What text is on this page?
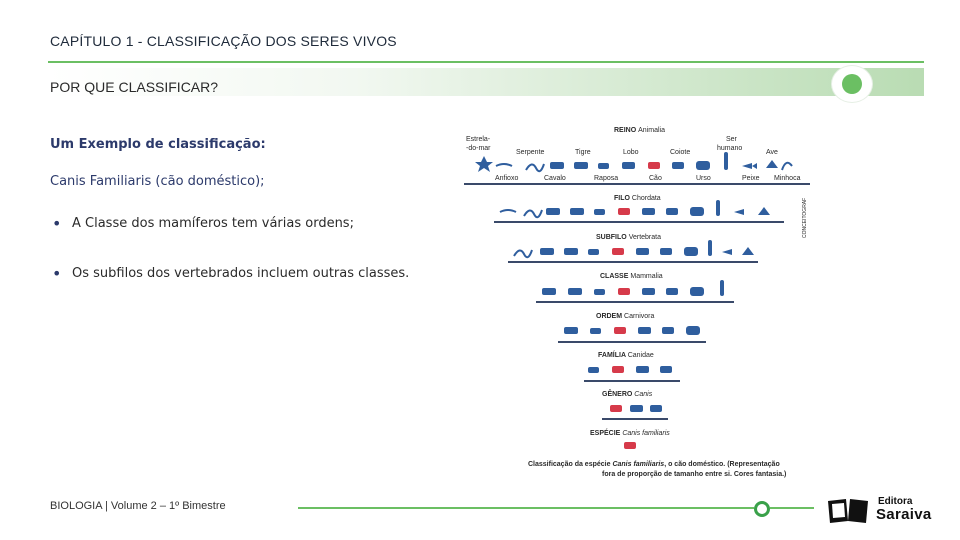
CAPÍTULO 1 - CLASSIFICAÇÃO DOS SERES VIVOS
POR QUE CLASSIFICAR?
Um Exemplo de classificação:
Canis Familiaris (cão doméstico);
• A Classe dos mamíferos tem várias ordens;
• Os subfilos dos vertebrados incluem outras classes.
REINO Animalia
Estrela-
-do-mar
Serpente	Tigre	Lobo	Coiote
Ser
humano
Ave
Anfioxo	Cavalo	Raposa	Cão	Urso	Peixe Minhoca
FILO Chordata	CONCEITOGRAF
SUBFILO Vertebrata
CLASSE Mammalia
ORDEM Carnivora
FAMÍLIA Canidae
GÊNERO Canis
ESPÉCIE Canis familiaris
Classificação da espécie Canis familiaris, o cão doméstico. (Representação
fora de proporção de tamanho entre si. Cores fantasia.)
BIOLOGIA | Volume 2 – 1º Bimestre	Editora
Saraiva
